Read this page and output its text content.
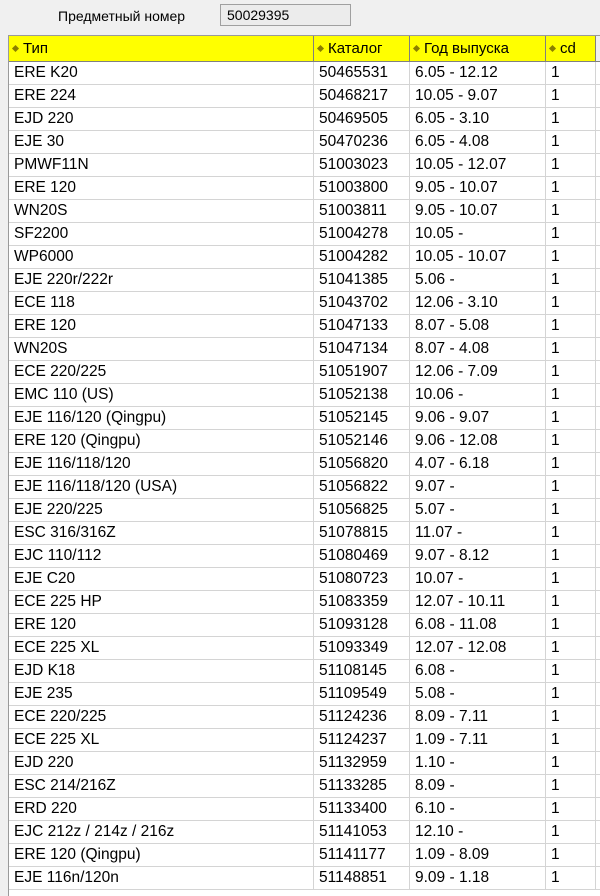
Предметный номер	50029395
Тип	Каталог	Год выпуска	cd
ERE K20	50465531	6.05 - 12.12	1
ERE 224	50468217	10.05 - 9.07	1
EJD 220	50469505	6.05 - 3.10	1
EJE 30	50470236	6.05 - 4.08	1
PMWF11N	51003023	10.05 - 12.07	1
ERE 120	51003800	9.05 - 10.07	1
WN20S	51003811	9.05 - 10.07	1
SF2200	51004278	10.05 -	1
WP6000	51004282	10.05 - 10.07	1
EJE 220r/222r	51041385	5.06 -	1
ECE 118	51043702	12.06 - 3.10	1
ERE 120	51047133	8.07 - 5.08	1
WN20S	51047134	8.07 - 4.08	1
ECE 220/225	51051907	12.06 - 7.09	1
EMC 110 (US)	51052138	10.06 -	1
EJE 116/120 (Qingpu)	51052145	9.06 - 9.07	1
ERE 120 (Qingpu)	51052146	9.06 - 12.08	1
EJE 116/118/120	51056820	4.07 - 6.18	1
EJE 116/118/120 (USA)	51056822	9.07 -	1
EJE 220/225	51056825	5.07 -	1
ESC 316/316Z	51078815	11.07 -	1
EJC 110/112	51080469	9.07 - 8.12	1
EJE C20	51080723	10.07 -	1
ECE 225 HP	51083359	12.07 - 10.11	1
ERE 120	51093128	6.08 - 11.08	1
ECE 225 XL	51093349	12.07 - 12.08	1
EJD K18	51108145	6.08 -	1
EJE 235	51109549	5.08 -	1
ECE 220/225	51124236	8.09 - 7.11	1
ECE 225 XL	51124237	1.09 - 7.11	1
EJD 220	51132959	1.10 -	1
ESC 214/216Z	51133285	8.09 -	1
ERD 220	51133400	6.10 -	1
EJC 212z / 214z / 216z	51141053	12.10 -	1
ERE 120 (Qingpu)	51141177	1.09 - 8.09	1
EJE 116n/120n	51148851	9.09 - 1.18	1
